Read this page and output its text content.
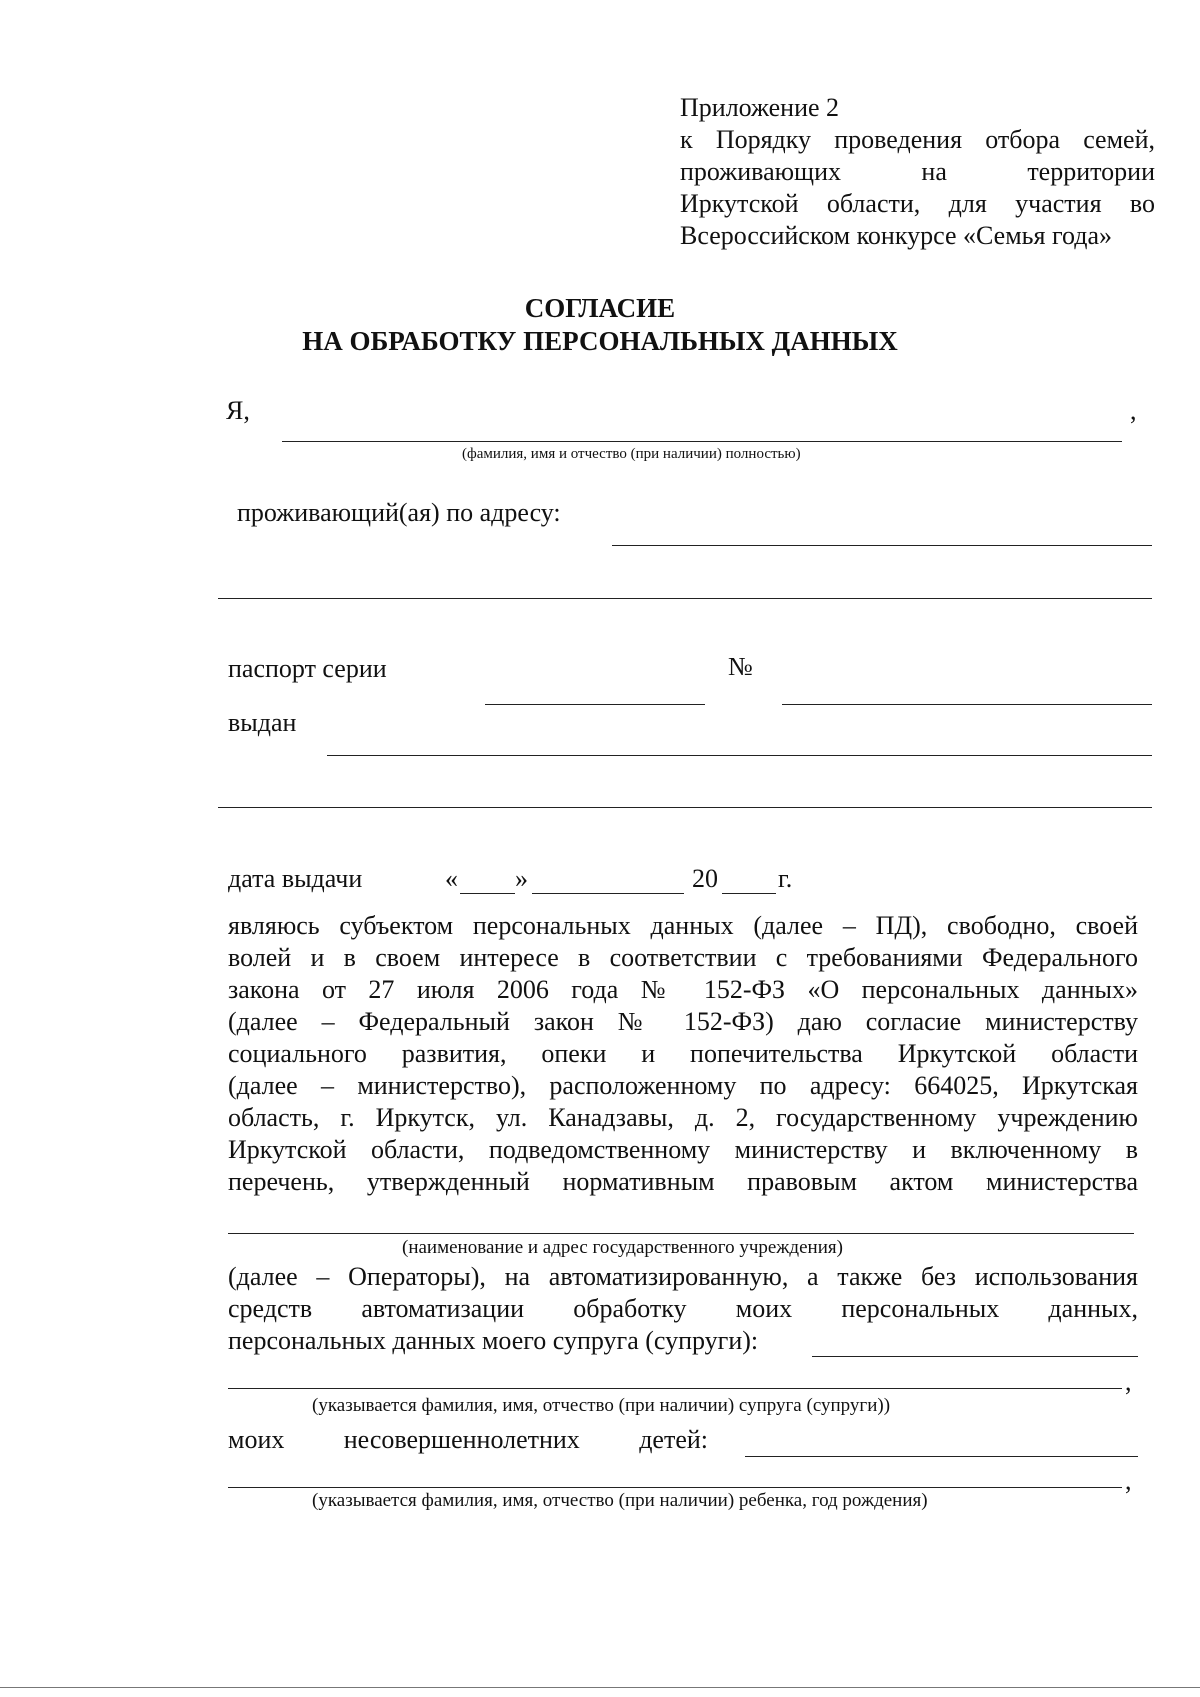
Приложение 2
к Порядку проведения отбора семей,
проживающих на территории
Иркутской области, для участия во
Всероссийском конкурсе «Семья года»
СОГЛАСИЕ
НА ОБРАБОТКУ ПЕРСОНАЛЬНЫХ ДАННЫХ
Я,	,
(фамилия, имя и отчество (при наличии) полностью)
проживающий(ая) по адресу:
паспорт серии	№
выдан
дата выдачи	« »	20 г.
являюсь субъектом персональных данных (далее – ПД), свободно, своей
волей и в своем интересе в соответствии с требованиями Федерального
закона от 27 июля 2006 года № 152-ФЗ «О персональных данных»
(далее – Федеральный закон № 152-ФЗ) даю согласие министерству
социального развития, опеки и попечительства Иркутской области
(далее – министерство), расположенному по адресу: 664025, Иркутская
область, г. Иркутск, ул. Канадзавы, д. 2, государственному учреждению
Иркутской области, подведомственному министерству и включенному в
перечень, утвержденный нормативным правовым актом министерства
(наименование и адрес государственного учреждения)
(далее – Операторы), на автоматизированную, а также без использования
средств автоматизации обработку моих персональных данных,
персональных данных моего супруга (супруги):
,
(указывается фамилия, имя, отчество (при наличии) супруга (супруги))
моих несовершеннолетних детей:
,
(указывается фамилия, имя, отчество (при наличии) ребенка, год рождения)
